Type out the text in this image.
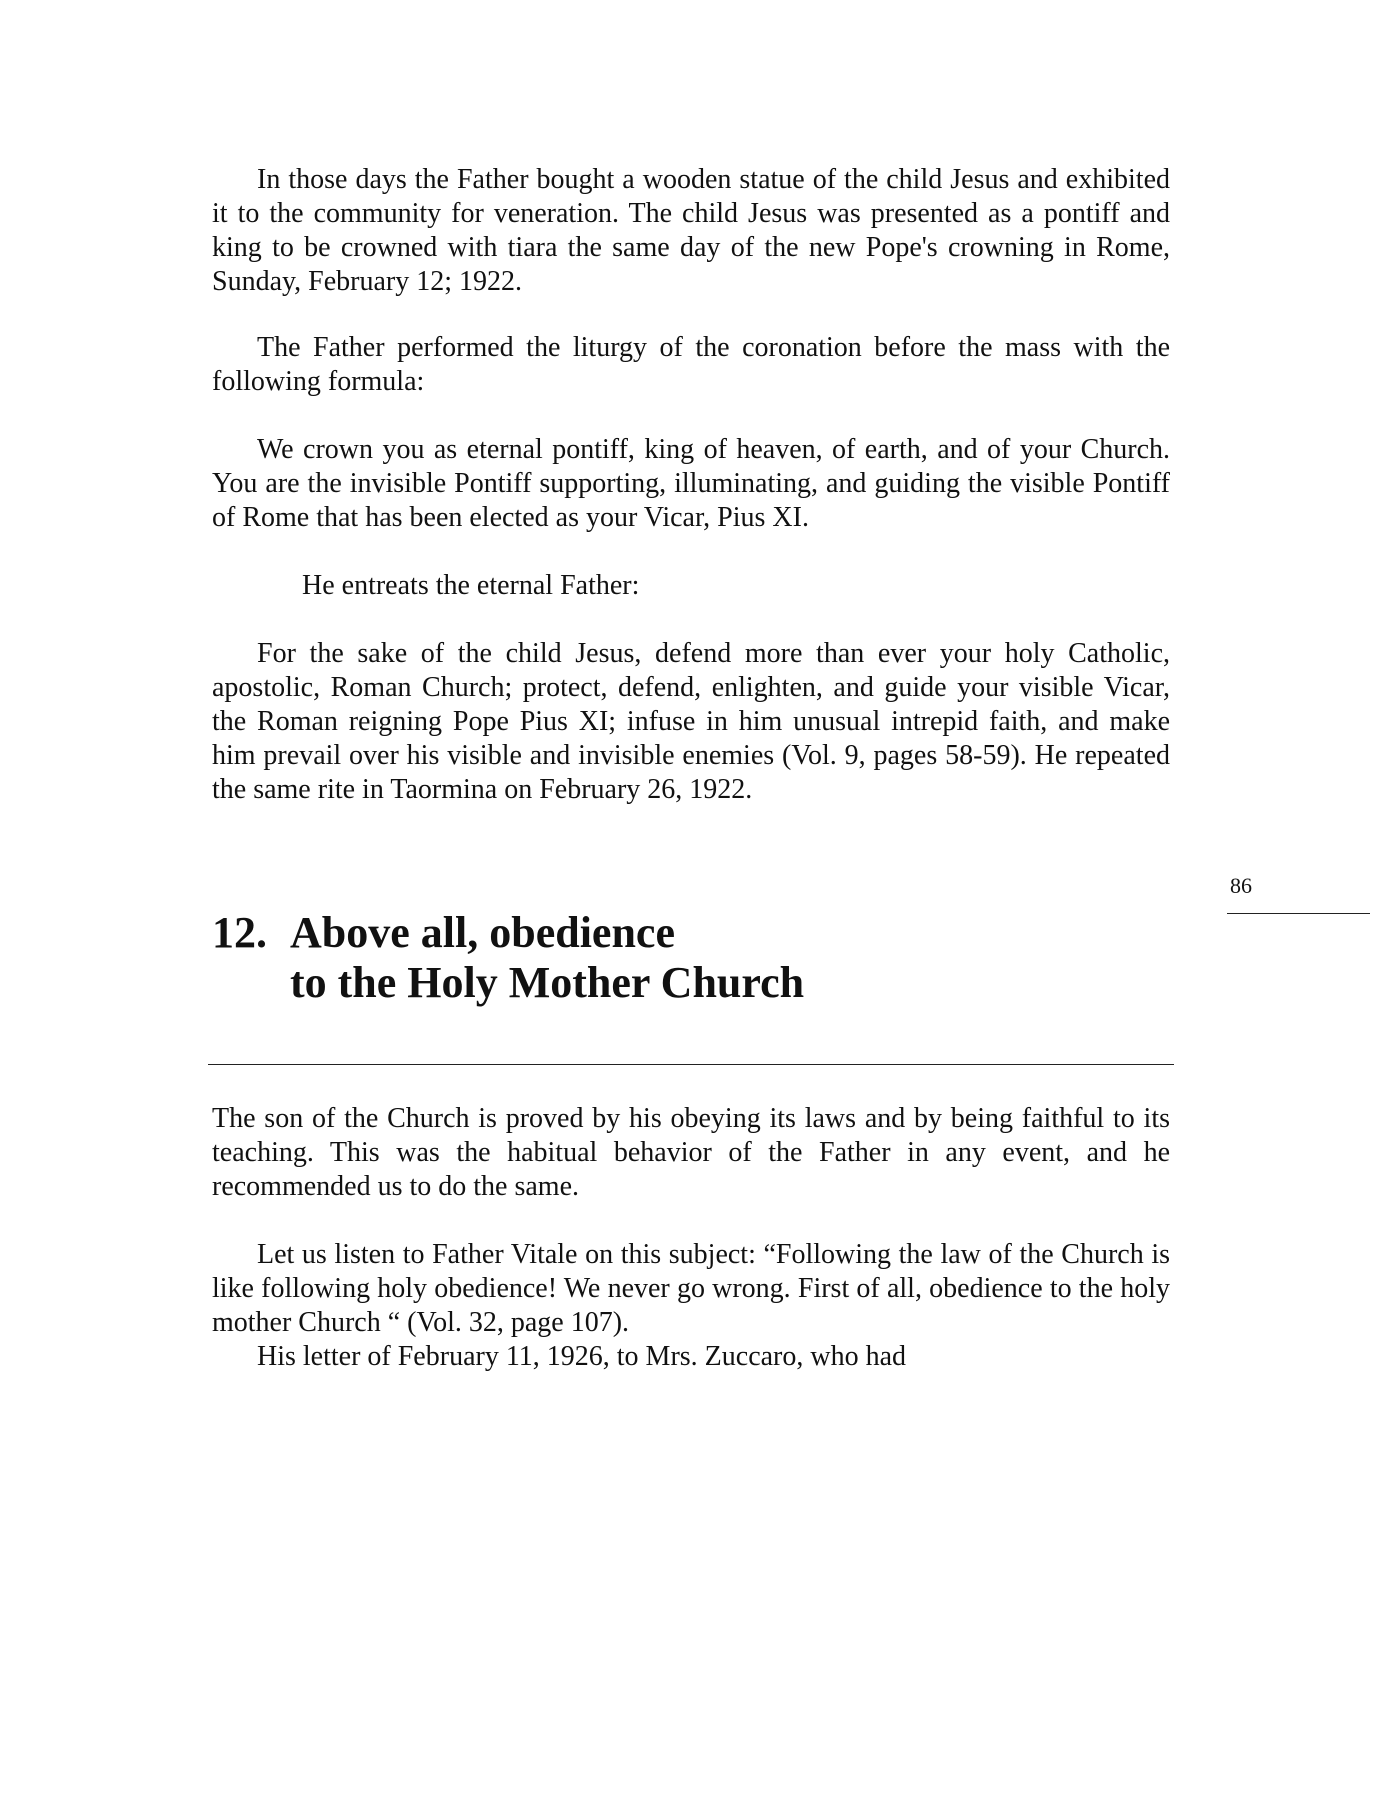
In those days the Father bought a wooden statue of the child Jesus and exhibited it to the community for veneration. The child Jesus was presented as a pontiff and king to be crowned with tiara the same day of the new Pope's crowning in Rome, Sunday, February 12; 1922.

The Father performed the liturgy of the coronation before the mass with the following formula:

We crown you as eternal pontiff, king of heaven, of earth, and of your Church. You are the invisible Pontiff supporting, illuminating, and guiding the visible Pontiff of Rome that has been elected as your Vicar, Pius XI.

He entreats the eternal Father:

For the sake of the child Jesus, defend more than ever your holy Catholic, apostolic, Roman Church; protect, defend, enlighten, and guide your visible Vicar, the Roman reigning Pope Pius XI; infuse in him unusual intrepid faith, and make him prevail over his visible and invisible enemies (Vol. 9, pages 58-59). He repeated the same rite in Taormina on February 26, 1922.

86
12. Above all, obedience
to the Holy Mother Church

The son of the Church is proved by his obeying its laws and by being faithful to its teaching. This was the habitual behavior of the Father in any event, and he recommended us to do the same.

Let us listen to Father Vitale on this subject: “Following the law of the Church is like following holy obedience! We never go wrong. First of all, obedience to the holy mother Church “ (Vol. 32, page 107).

His letter of February 11, 1926, to Mrs. Zuccaro, who had
